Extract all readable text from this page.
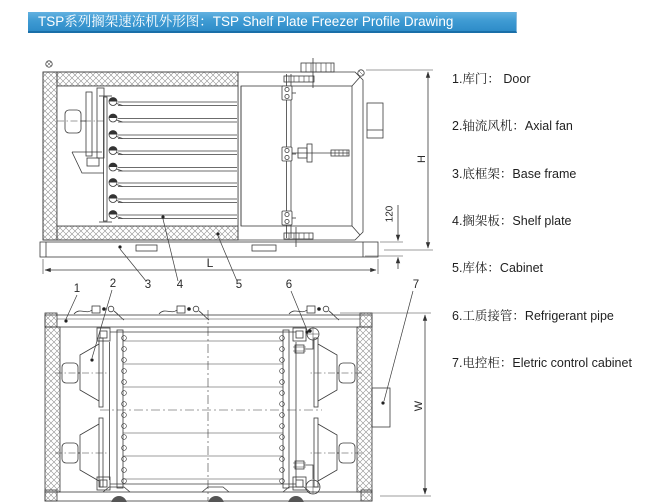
TSP系列搁架速冻机外形图：TSP Shelf Plate Freezer Profile Drawing
1	2 3 4	5	6	7
H
120
L
W
1.库门： Door
2.轴流风机：Axial fan
3.底框架：Base frame
4.搁架板：Shelf plate
5.库体：Cabinet
6.工质接管：Refrigerant pipe
7.电控柜：Eletric control cabinet
